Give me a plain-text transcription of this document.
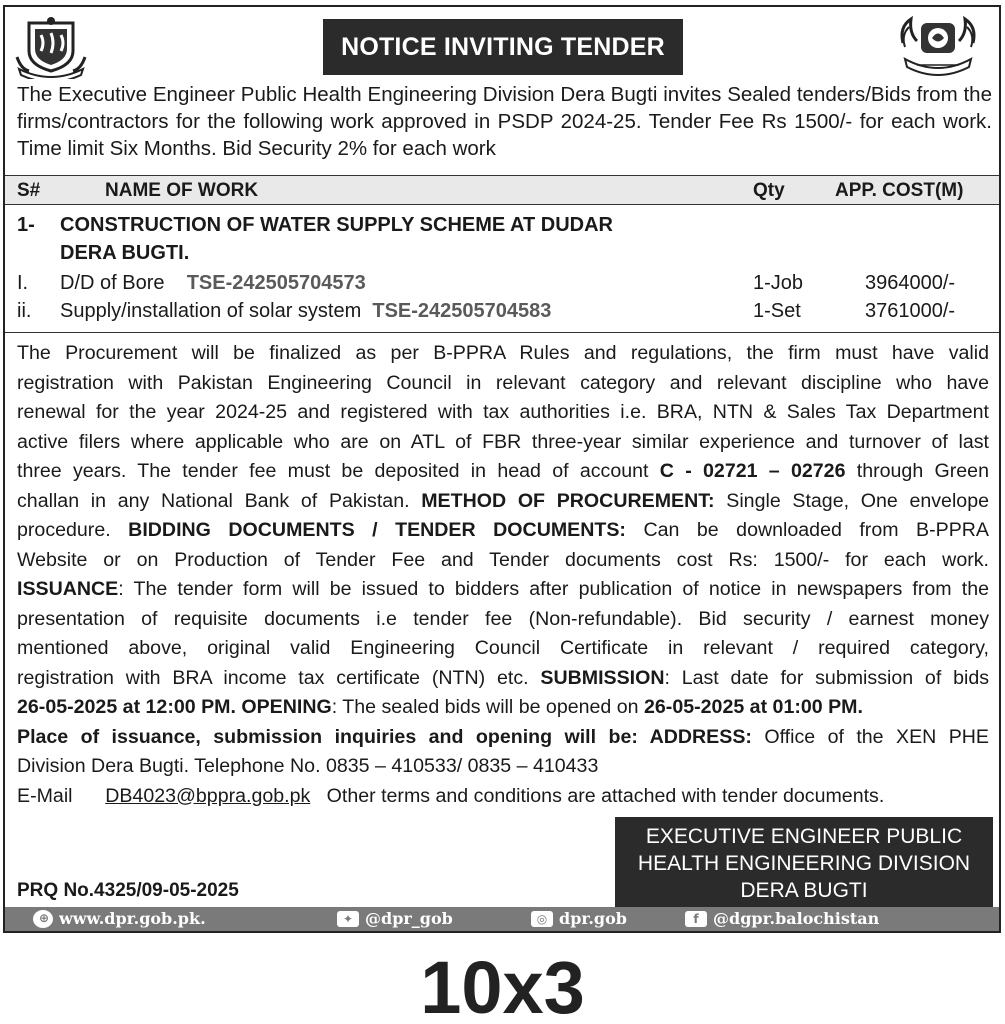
NOTICE INVITING TENDER
The Executive Engineer Public Health Engineering Division Dera Bugti invites Sealed tenders/Bids from the firms/contractors for the following work approved in PSDP 2024-25. Tender Fee Rs 1500/- for each work. Time limit Six Months. Bid Security 2% for each work
S#	NAME OF WORK	Qty	APP. COST(M)
1- CONSTRUCTION OF WATER SUPPLY SCHEME AT DUDAR
DERA BUGTI.
I. D/D of Bore TSE-242505704573	1-Job	3964000/-
ii. Supply/installation of solar system TSE-242505704583	1-Set	3761000/-
The Procurement will be finalized as per B-PPRA Rules and regulations, the firm must have valid
registration with Pakistan Engineering Council in relevant category and relevant discipline who have
renewal for the year 2024-25 and registered with tax authorities i.e. BRA, NTN & Sales Tax Department
active filers where applicable who are on ATL of FBR three-year similar experience and turnover of last
three years. The tender fee must be deposited in head of account C - 02721 – 02726 through Green
challan in any National Bank of Pakistan. METHOD OF PROCUREMENT: Single Stage, One envelope
procedure. BIDDING DOCUMENTS / TENDER DOCUMENTS: Can be downloaded from B-PPRA
Website or on Production of Tender Fee and Tender documents cost Rs: 1500/- for each work.
ISSUANCE: The tender form will be issued to bidders after publication of notice in newspapers from the
presentation of requisite documents i.e tender fee (Non-refundable). Bid security / earnest money
mentioned above, original valid Engineering Council Certificate in relevant / required category,
registration with BRA income tax certificate (NTN) etc. SUBMISSION: Last date for submission of bids
26-05-2025 at 12:00 PM. OPENING: The sealed bids will be opened on 26-05-2025 at 01:00 PM.
Place of issuance, submission inquiries and opening will be: ADDRESS: Office of the XEN PHE
Division Dera Bugti. Telephone No. 0835 – 410533/ 0835 – 410433
E-Mail DB4023@bppra.gob.pk Other terms and conditions are attached with tender documents.
EXECUTIVE ENGINEER PUBLIC
HEALTH ENGINEERING DIVISION
DERA BUGTI
PRQ No.4325/09-05-2025
⊕ www.dpr.gob.pk.	✦ @dpr_gob	◎ dpr.gob	f @dgpr.balochistan
10x3
